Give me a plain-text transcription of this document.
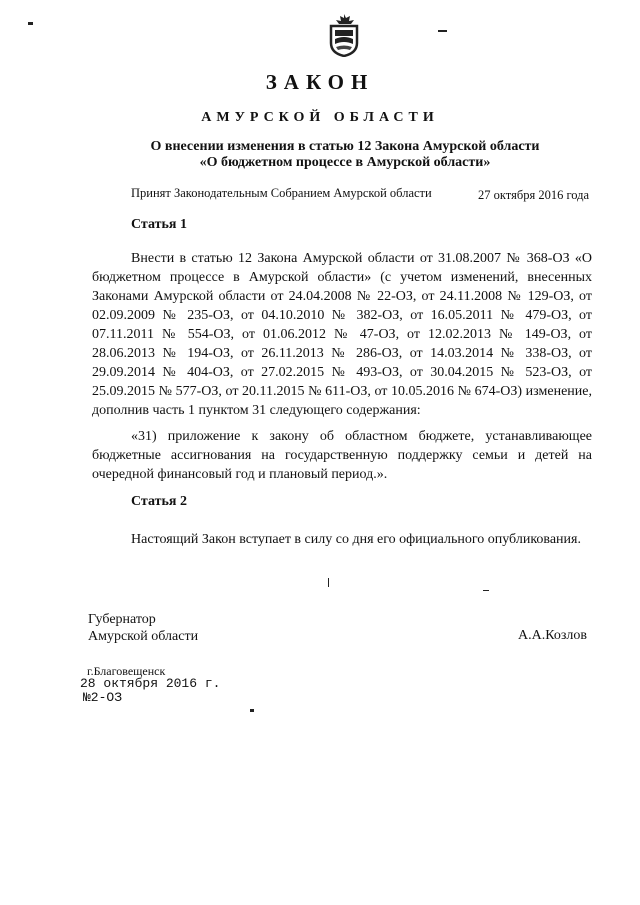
ЗАКОН
АМУРСКОЙ ОБЛАСТИ
О внесении изменения в статью 12 Закона Амурской области
«О бюджетном процессе в Амурской области»
Принят Законодательным Собранием Амурской области	27 октября 2016 года
Статья 1

Внести в статью 12 Закона Амурской области от 31.08.2007 № 368-ОЗ «О бюджетном процессе в Амурской области» (с учетом изменений, внесенных Законами Амурской области от 24.04.2008 № 22-ОЗ, от 24.11.2008 № 129-ОЗ, от 02.09.2009 № 235-ОЗ, от 04.10.2010 № 382-ОЗ, от 16.05.2011 № 479-ОЗ, от 07.11.2011 № 554-ОЗ, от 01.06.2012 № 47-ОЗ, от 12.02.2013 № 149-ОЗ, от 28.06.2013 № 194-ОЗ, от 26.11.2013 № 286-ОЗ, от 14.03.2014 № 338-ОЗ, от 29.09.2014 № 404-ОЗ, от 27.02.2015 № 493-ОЗ, от 30.04.2015 № 523-ОЗ, от 25.09.2015 № 577-ОЗ, от 20.11.2015 № 611-ОЗ, от 10.05.2016 № 674-ОЗ) изменение, дополнив часть 1 пунктом 31 следующего содержания:

«31) приложение к закону об областном бюджете, устанавливающее бюджетные ассигнования на государственную поддержку семьи и детей на очередной финансовый год и плановый период.».

Статья 2

Настоящий Закон вступает в силу со дня его официального опубликования.

Губернатор
Амурской области	А.А.Козлов
г.Благовещенск
28 октября 2016 г.
№2-ОЗ
